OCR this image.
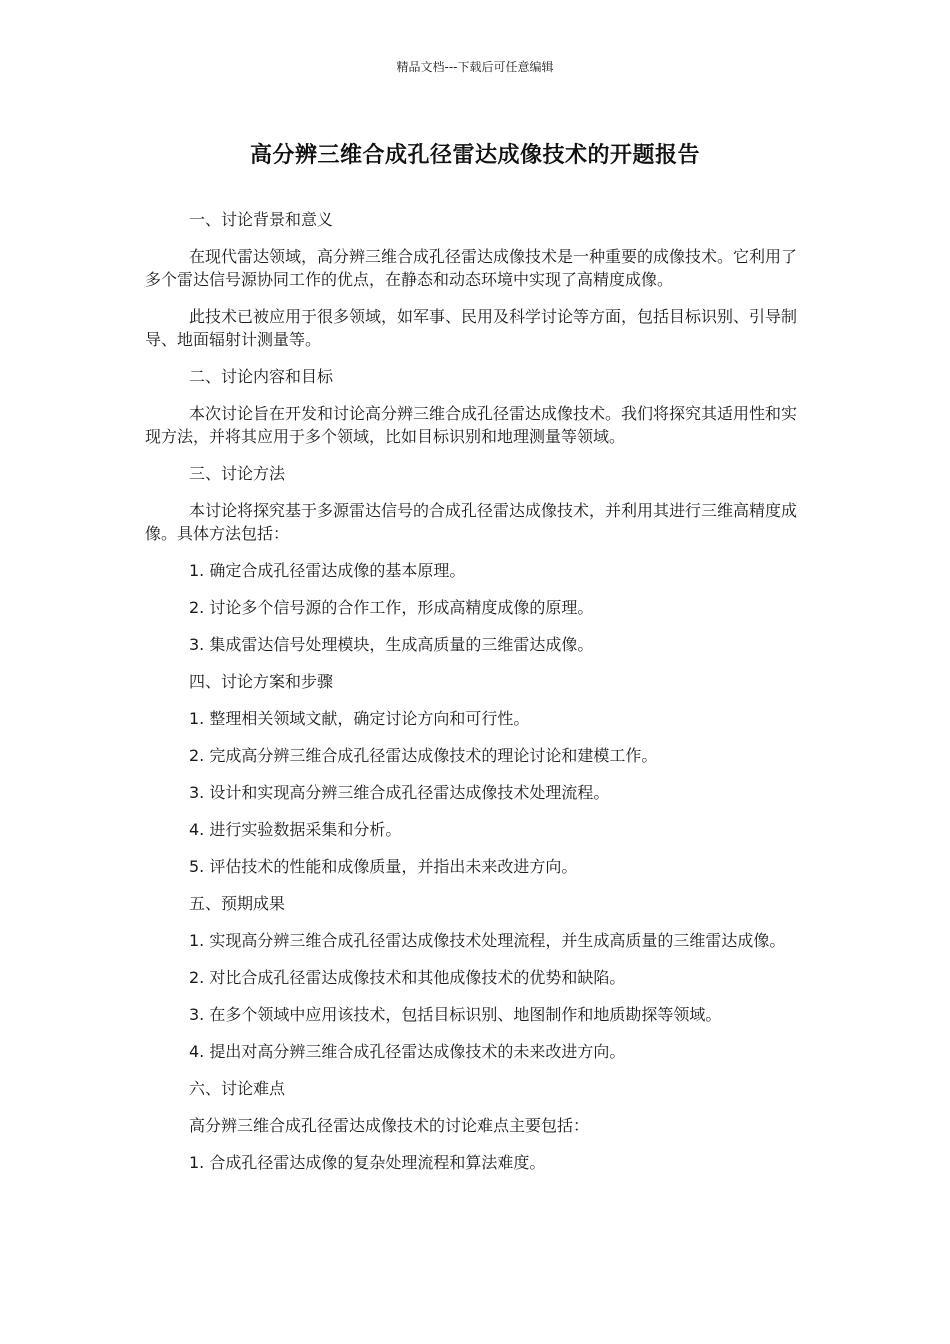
精品文档---下载后可任意编辑
高分辨三维合成孔径雷达成像技术的开题报告

一、讨论背景和意义

在现代雷达领域，高分辨三维合成孔径雷达成像技术是一种重要的成像技术。它利用了多个雷达信号源协同工作的优点，在静态和动态环境中实现了高精度成像。

此技术已被应用于很多领域，如军事、民用及科学讨论等方面，包括目标识别、引导制导、地面辐射计测量等。

二、讨论内容和目标

本次讨论旨在开发和讨论高分辨三维合成孔径雷达成像技术。我们将探究其适用性和实现方法，并将其应用于多个领域，比如目标识别和地理测量等领域。

三、讨论方法

本讨论将探究基于多源雷达信号的合成孔径雷达成像技术，并利用其进行三维高精度成像。具体方法包括：

1. 确定合成孔径雷达成像的基本原理。

2. 讨论多个信号源的合作工作，形成高精度成像的原理。

3. 集成雷达信号处理模块，生成高质量的三维雷达成像。

四、讨论方案和步骤

1. 整理相关领域文献，确定讨论方向和可行性。

2. 完成高分辨三维合成孔径雷达成像技术的理论讨论和建模工作。

3. 设计和实现高分辨三维合成孔径雷达成像技术处理流程。

4. 进行实验数据采集和分析。

5. 评估技术的性能和成像质量，并指出未来改进方向。

五、预期成果

1. 实现高分辨三维合成孔径雷达成像技术处理流程，并生成高质量的三维雷达成像。

2. 对比合成孔径雷达成像技术和其他成像技术的优势和缺陷。

3. 在多个领域中应用该技术，包括目标识别、地图制作和地质勘探等领域。

4. 提出对高分辨三维合成孔径雷达成像技术的未来改进方向。

六、讨论难点

高分辨三维合成孔径雷达成像技术的讨论难点主要包括：

1. 合成孔径雷达成像的复杂处理流程和算法难度。
